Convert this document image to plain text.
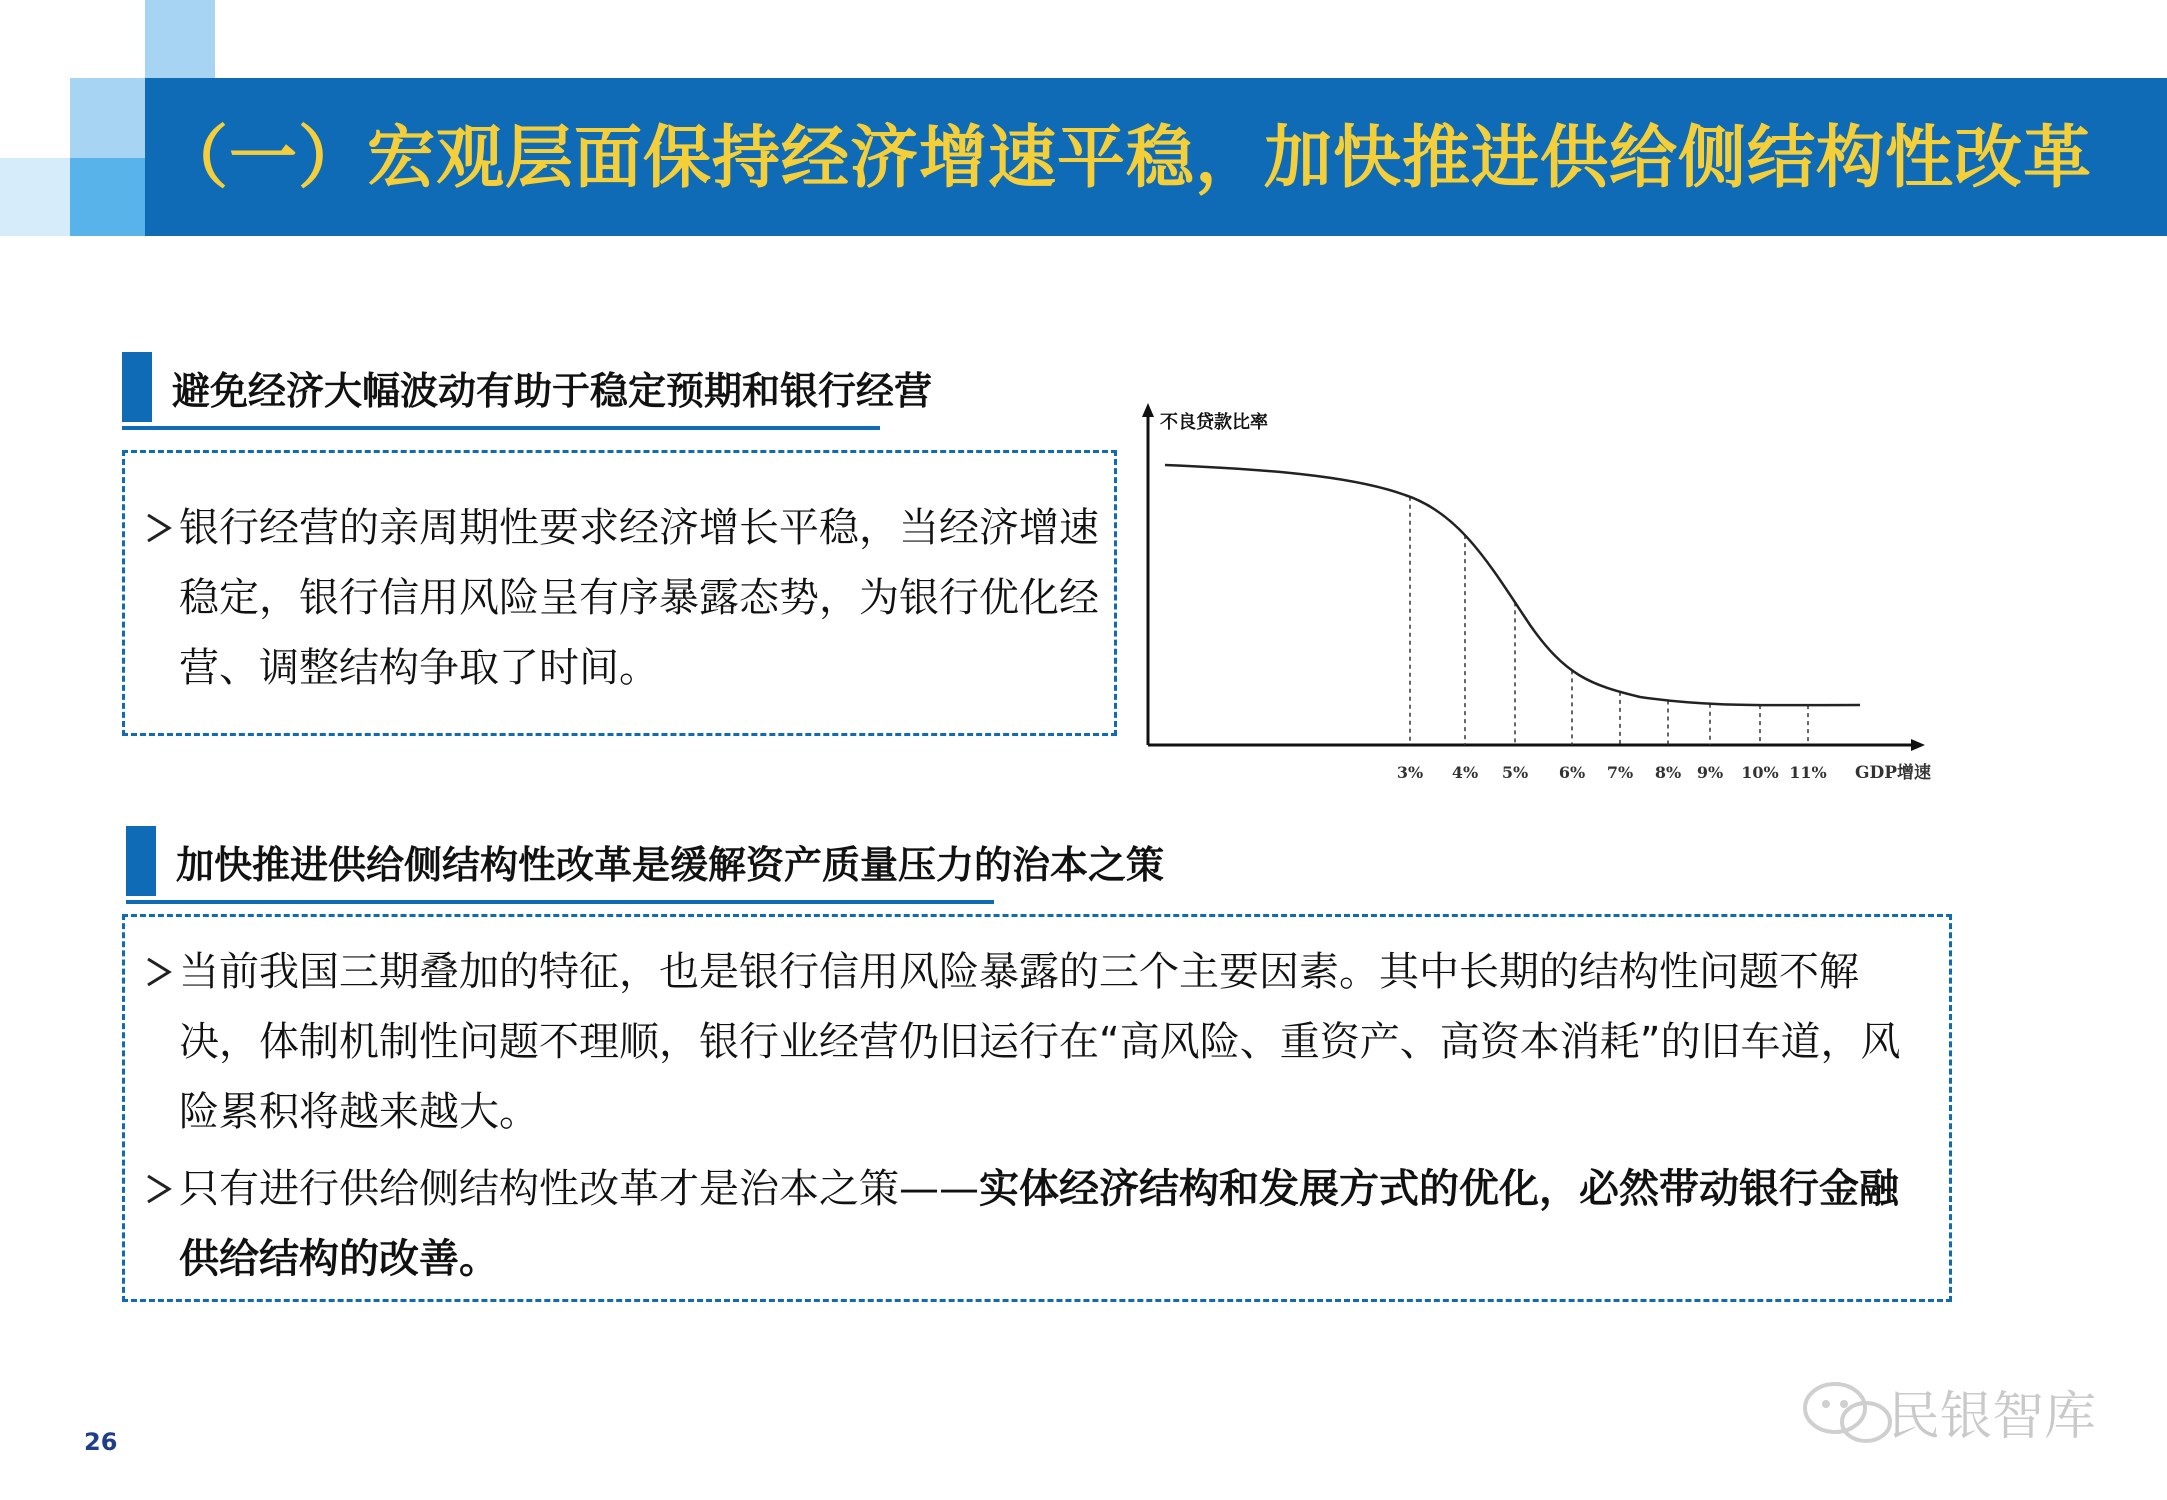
（一）宏观层面保持经济增速平稳，加快推进供给侧结构性改革
避免经济大幅波动有助于稳定预期和银行经营
银行经营的亲周期性要求经济增长平稳，当经济增速稳定，银行信用风险呈有序暴露态势，为银行优化经营、调整结构争取了时间。
不良贷款比率
GDP增速
3% 4% 5% 6% 7% 8% 9% 10% 11%
加快推进供给侧结构性改革是缓解资产质量压力的治本之策
当前我国三期叠加的特征，也是银行信用风险暴露的三个主要因素。其中长期的结构性问题不解决，体制机制性问题不理顺，银行业经营仍旧运行在“高风险、重资产、高资本消耗”的旧车道，风险累积将越来越大。
只有进行供给侧结构性改革才是治本之策——实体经济结构和发展方式的优化，必然带动银行金融供给结构的改善。
26	民银智库
